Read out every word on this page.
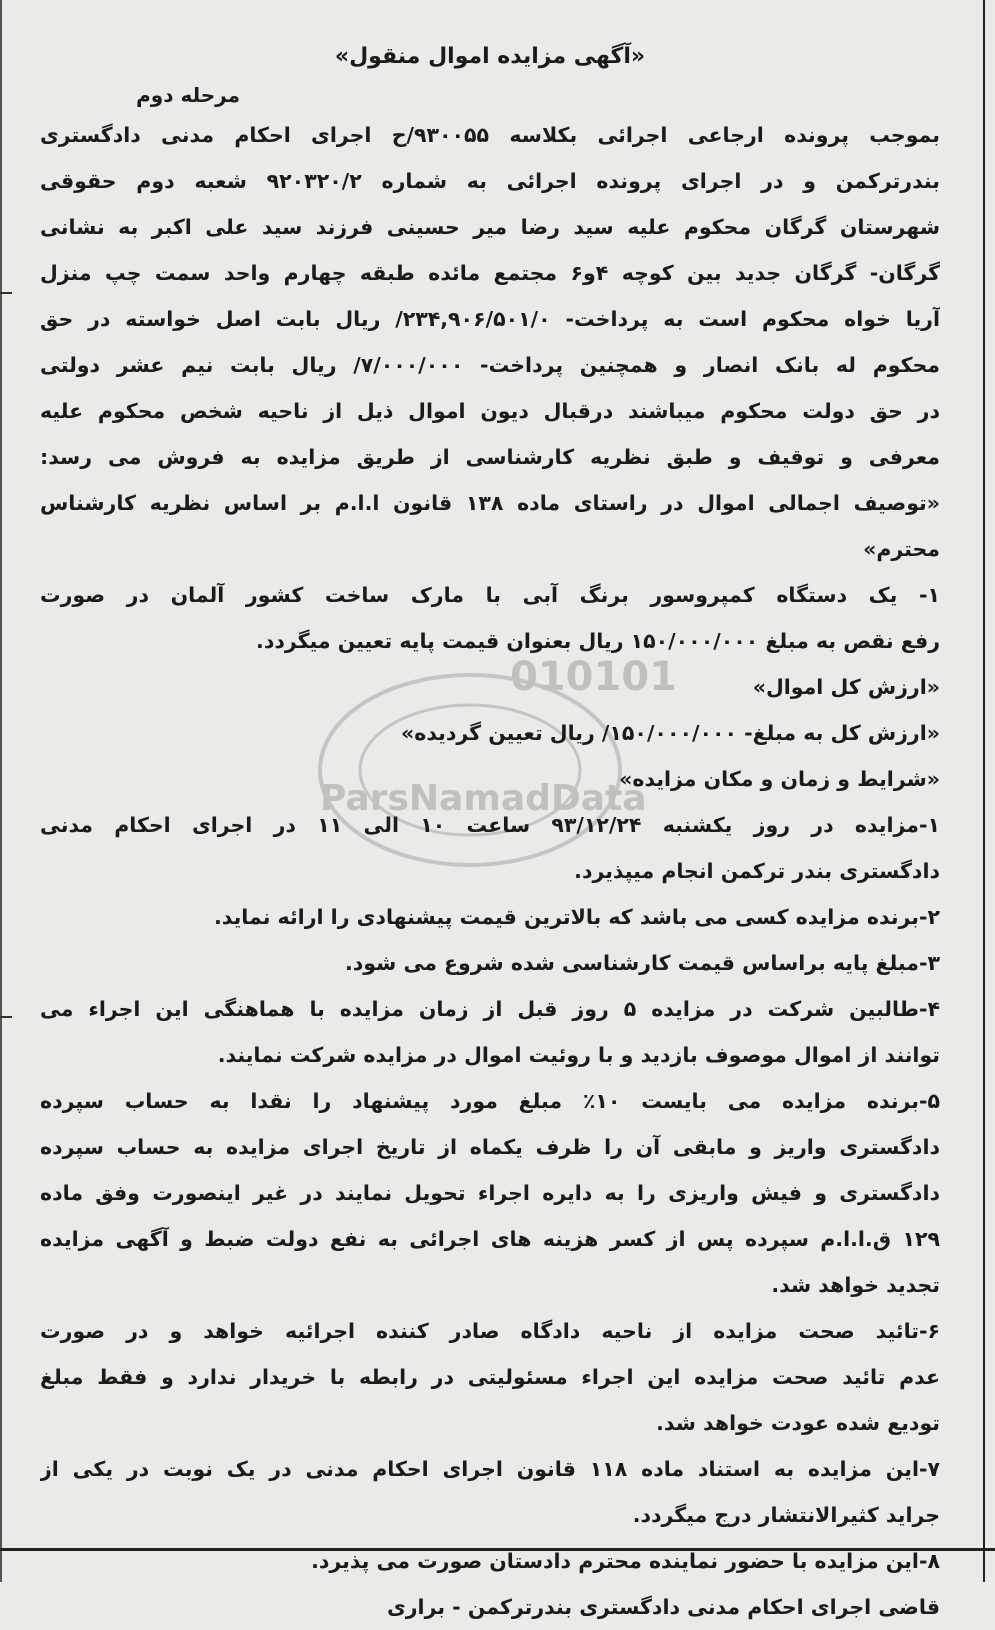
010101
ParsNamadData
«آگهی مزایده اموال منقول»
مرحله دوم

بموجب پرونده ارجاعی اجرائی بکلاسه ۹۳۰۰۵۵/ح اجرای احکام مدنی دادگستری

بندرترکمن و در اجرای پرونده اجرائی به شماره ۹۲۰۳۲۰/۲ شعبه دوم حقوقی

شهرستان گرگان محکوم علیه سید رضا میر حسینی فرزند سید علی اکبر به نشانی

گرگان- گرگان جدید بین کوچه ۴و۶ مجتمع مائده طبقه چهارم واحد سمت چپ منزل

آریا خواه محکوم است به پرداخت- ۲۳۴,۹۰۶/۵۰۱/۰/ ریال بابت اصل خواسته در حق

محکوم له بانک انصار و همچنین پرداخت- ۷/۰۰۰/۰۰۰/ ریال بابت نیم عشر دولتی

در حق دولت محکوم میباشند درقبال دیون اموال ذیل از ناحیه شخص محکوم علیه

معرفی و توقیف و طبق نظریه کارشناسی از طریق مزایده به فروش می رسد:

«توصیف اجمالی اموال در راستای ماده ۱۳۸ قانون ا.ا.م بر اساس نظریه کارشناس

محترم»

۱- یک دستگاه کمپروسور برنگ آبی با مارک ساخت کشور آلمان در صورت

رفع نقص به مبلغ ۱۵۰/۰۰۰/۰۰۰ ریال بعنوان قیمت پایه تعیین میگردد.

«ارزش کل اموال»

«ارزش کل به مبلغ- ۱۵۰/۰۰۰/۰۰۰/ ریال تعیین گردیده»

«شرایط و زمان و مکان مزایده»

۱-مزایده در روز یکشنبه ۹۳/۱۲/۲۴ ساعت ۱۰ الی ۱۱ در اجرای احکام مدنی

دادگستری بندر ترکمن انجام میپذیرد.

۲-برنده مزایده کسی می باشد که بالاترین قیمت پیشنهادی را ارائه نماید.

۳-مبلغ پایه براساس قیمت کارشناسی شده شروع می شود.

۴-طالبین شرکت در مزایده ۵ روز قبل از زمان مزایده با هماهنگی این اجراء می

توانند از اموال موصوف بازدید و با روئیت اموال در مزایده شرکت نمایند.

۵-برنده مزایده می بایست ۱۰٪ مبلغ مورد پیشنهاد را نقدا به حساب سپرده

دادگستری واریز و مابقی آن را ظرف یکماه از تاریخ اجرای مزایده به حساب سپرده

دادگستری و فیش واریزی را به دایره اجراء تحویل نمایند در غیر اینصورت وفق ماده

۱۲۹ ق.ا.ا.م سپرده پس از کسر هزینه های اجرائی به نفع دولت ضبط و آگهی مزایده

تجدید خواهد شد.

۶-تائید صحت مزایده از ناحیه دادگاه صادر کننده اجرائیه خواهد و در صورت

عدم تائید صحت مزایده این اجراء مسئولیتی در رابطه با خریدار ندارد و فقط مبلغ

تودیع شده عودت خواهد شد.

۷-این مزایده به استناد ماده ۱۱۸ قانون اجرای احکام مدنی در یک نوبت در یکی از

جراید کثیرالانتشار درج میگردد.

۸-این مزایده با حضور نماینده محترم دادستان صورت می پذیرد.

قاضی اجرای احکام مدنی دادگستری بندرترکمن - براری
